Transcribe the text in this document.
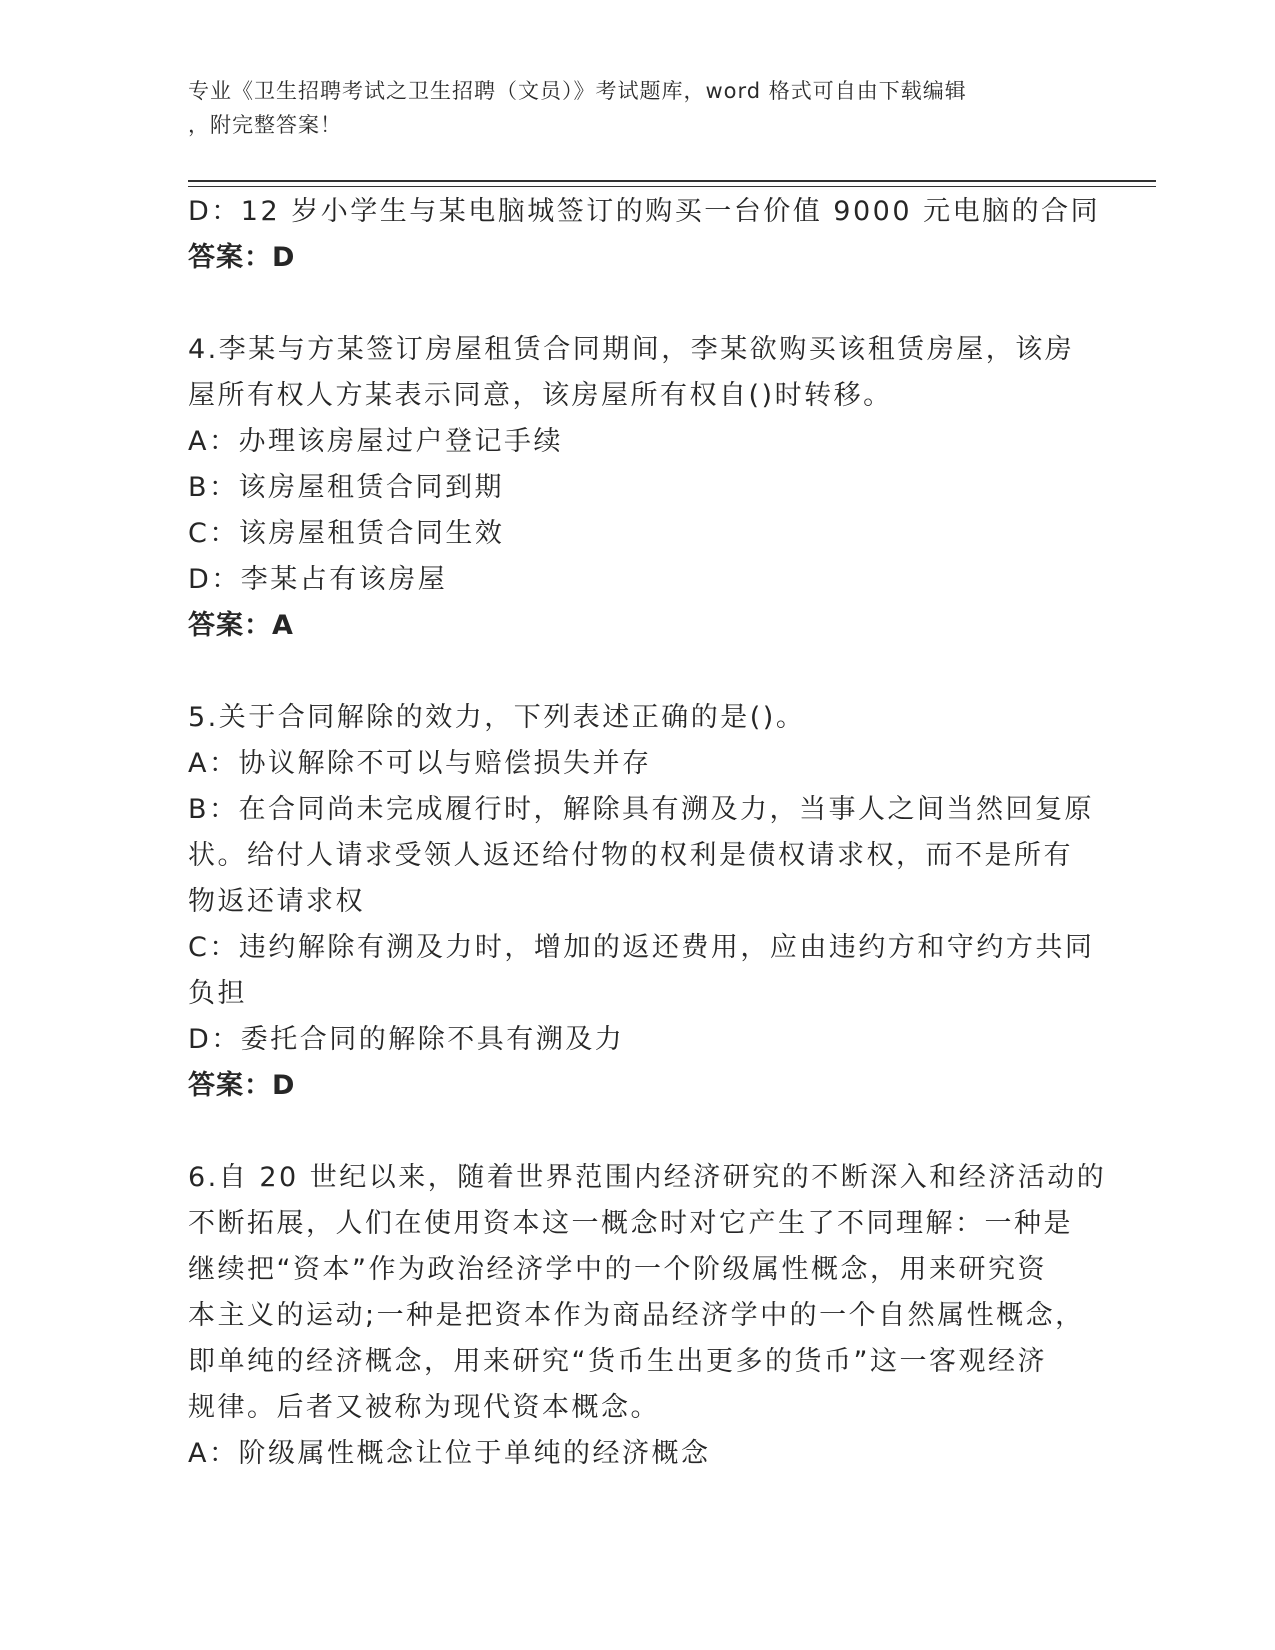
专业《卫生招聘考试之卫生招聘（文员）》考试题库，word 格式可自由下载编辑
，附完整答案！
D：12 岁小学生与某电脑城签订的购买一台价值 9000 元电脑的合同
答案：D
4.李某与方某签订房屋租赁合同期间，李某欲购买该租赁房屋，该房
屋所有权人方某表示同意，该房屋所有权自()时转移。
A：办理该房屋过户登记手续
B：该房屋租赁合同到期
C：该房屋租赁合同生效
D：李某占有该房屋
答案：A
5.关于合同解除的效力，下列表述正确的是()。
A：协议解除不可以与赔偿损失并存
B：在合同尚未完成履行时，解除具有溯及力，当事人之间当然回复原
状。给付人请求受领人返还给付物的权利是债权请求权，而不是所有
物返还请求权
C：违约解除有溯及力时，增加的返还费用，应由违约方和守约方共同
负担
D：委托合同的解除不具有溯及力
答案：D
6.自 20 世纪以来，随着世界范围内经济研究的不断深入和经济活动的
不断拓展，人们在使用资本这一概念时对它产生了不同理解：一种是
继续把“资本”作为政治经济学中的一个阶级属性概念，用来研究资
本主义的运动;一种是把资本作为商品经济学中的一个自然属性概念，
即单纯的经济概念，用来研究“货币生出更多的货币”这一客观经济
规律。后者又被称为现代资本概念。
A：阶级属性概念让位于单纯的经济概念
